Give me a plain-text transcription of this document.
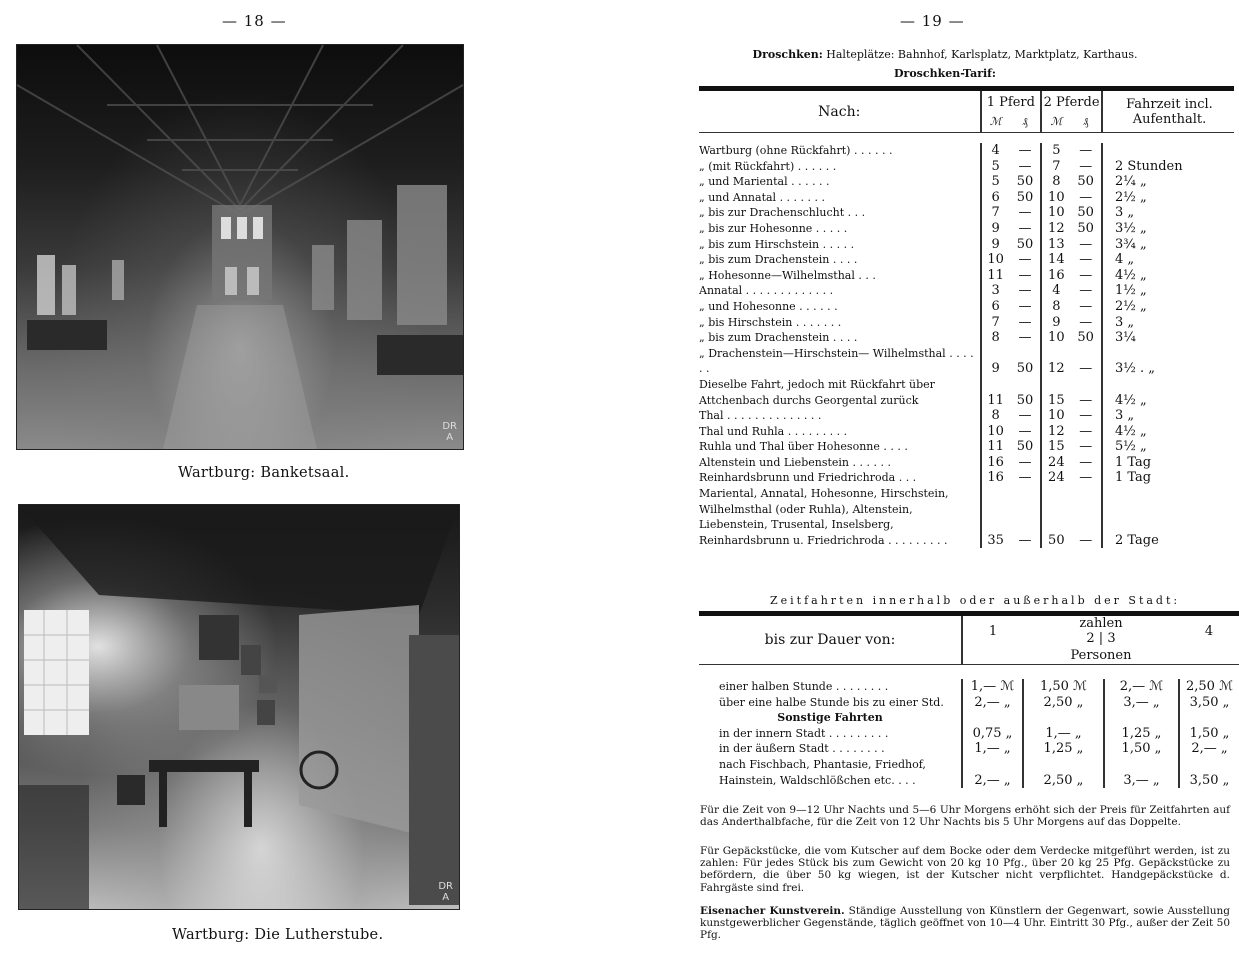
— 18 —
DR
A
Wartburg: Banketsaal.
DR
A
Wartburg: Die Lutherstube.
— 19 —
Droschken: Halteplätze: Bahnhof, Karlsplatz, Marktplatz, Karthaus.
Droschken-Tarif:

Nach:	1 Pferd		2 Pferde		Fahrzeit incl. Aufenthalt.
	ℳ	₰	ℳ	₰	

Wartburg (ohne Rückfahrt) . . . . . .	4	—	5	—	
„ (mit Rückfahrt) . . . . . .	5	—	7	—	2 Stunden
„ und Mariental . . . . . .	5	50	8	50	2¼ „
„ und Annatal . . . . . . .	6	50	10	—	2½ „
„ bis zur Drachenschlucht . . .	7	—	10	50	3 „
„ bis zur Hohesonne . . . . .	9	—	12	50	3½ „
„ bis zum Hirschstein . . . . .	9	50	13	—	3¾ „
„ bis zum Drachenstein . . . .	10	—	14	—	4 „
„ Hohesonne—Wilhelmsthal . . .	11	—	16	—	4½ „
Annatal . . . . . . . . . . . . .	3	—	4	—	1½ „
„ und Hohesonne . . . . . .	6	—	8	—	2½ „
„ bis Hirschstein . . . . . . .	7	—	9	—	3 „
„ bis zum Drachenstein . . . .	8	—	10	50	3¼
„ Drachenstein—Hirschstein— Wilhelmsthal . . . . . .	9	50	12	—	3½ . „
Dieselbe Fahrt, jedoch mit Rückfahrt über Attchenbach durchs Georgental zurück	11	50	15	—	4½ „
Thal . . . . . . . . . . . . . .	8	—	10	—	3 „
Thal und Ruhla . . . . . . . . .	10	—	12	—	4½ „
Ruhla und Thal über Hohesonne . . . .	11	50	15	—	5½ „
Altenstein und Liebenstein . . . . . .	16	—	24	—	1 Tag
Reinhardsbrunn und Friedrichroda . . .	16	—	24	—	1 Tag
Mariental, Annatal, Hohesonne, Hirschstein, Wilhelmsthal (oder Ruhla), Altenstein, Liebenstein, Trusental, Inselsberg, Reinhardsbrunn u. Friedrichroda . . . . . . . . .	35	—	50	—	2 Tage
Zeitfahrten innerhalb oder außerhalb der Stadt:

bis zur Dauer von:	1	zahlen		4
		2 | 3		
	Personen			

einer halben Stunde . . . . . . . .	1,— ℳ	1,50 ℳ	2,— ℳ	2,50 ℳ
über eine halbe Stunde bis zu einer Std.	2,— „	2,50 „	3,— „	3,50 „
Sonstige Fahrten				
in der innern Stadt . . . . . . . . .	0,75 „	1,— „	1,25 „	1,50 „
in der äußern Stadt . . . . . . . .	1,— „	1,25 „	1,50 „	2,— „
nach Fischbach, Phantasie, Friedhof,				
Hainstein, Waldschlößchen etc. . . .	2,— „	2,50 „	3,— „	3,50 „
Für die Zeit von 9—12 Uhr Nachts und 5—6 Uhr Morgens erhöht sich der Preis für Zeitfahrten auf das Anderthalbfache, für die Zeit von 12 Uhr Nachts bis 5 Uhr Morgens auf das Doppelte.
Für Gepäckstücke, die vom Kutscher auf dem Bocke oder dem Verdecke mitgeführt werden, ist zu zahlen: Für jedes Stück bis zum Gewicht von 20 kg 10 Pfg., über 20 kg 25 Pfg. Gepäckstücke zu befördern, die über 50 kg wiegen, ist der Kutscher nicht verpflichtet. Handgepäckstücke d. Fahrgäste sind frei.
Eisenacher Kunstverein. Ständige Ausstellung von Künstlern der Gegenwart, sowie Ausstellung kunstgewerblicher Gegenstände, täglich geöffnet von 10—4 Uhr. Eintritt 30 Pfg., außer der Zeit 50 Pfg.
